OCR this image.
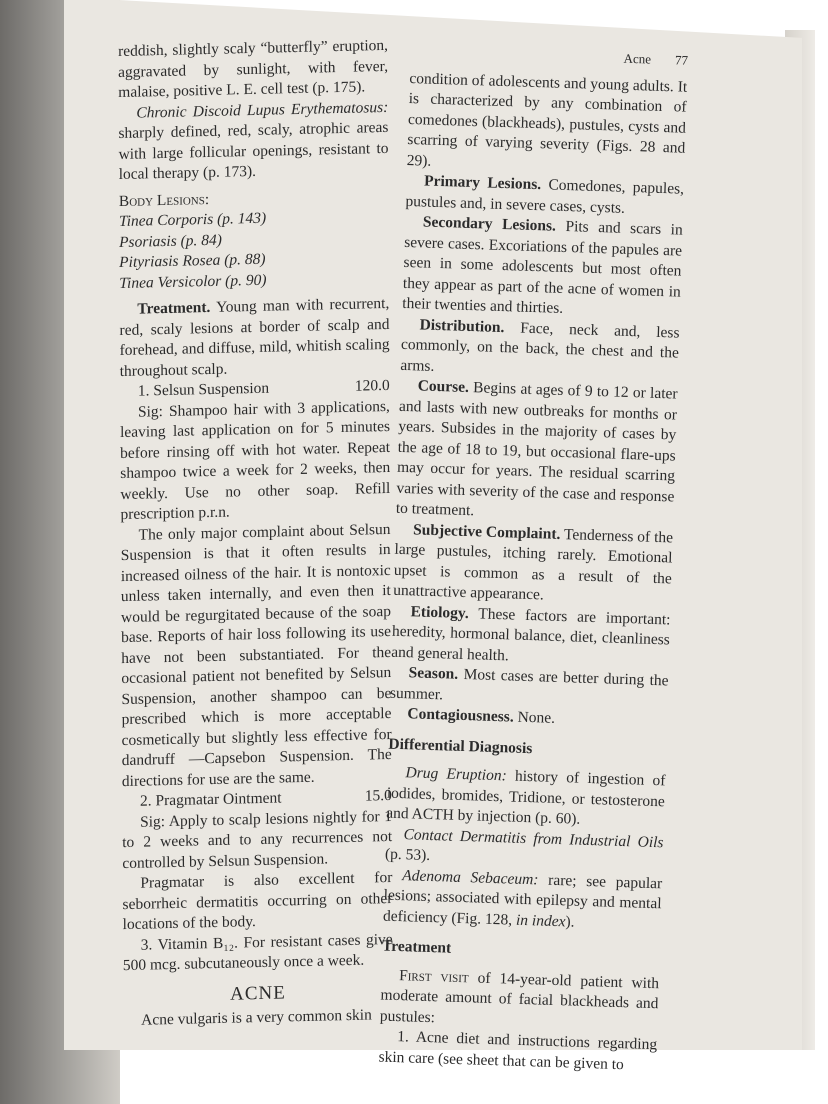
reddish, slightly scaly “butterfly” eruption, aggravated by sunlight, with fever, malaise, positive L. E. cell test (p. 175).

Chronic Discoid Lupus Erythematosus: sharply defined, red, scaly, atrophic areas with large follicular openings, resistant to local therapy (p. 173).

Body Lesions:

Tinea Corporis (p. 143)

Psoriasis (p. 84)

Pityriasis Rosea (p. 88)

Tinea Versicolor (p. 90)

Treatment. Young man with recurrent, red, scaly lesions at border of scalp and forehead, and diffuse, mild, whitish scaling throughout scalp.

1. Selsun Suspension	120.0

Sig: Shampoo hair with 3 applications, leaving last application on for 5 minutes before rinsing off with hot water. Repeat shampoo twice a week for 2 weeks, then weekly. Use no other soap. Refill prescription p.r.n.

The only major complaint about Selsun Suspension is that it often results in increased oilness of the hair. It is nontoxic unless taken internally, and even then it would be regurgitated because of the soap base. Reports of hair loss following its use have not been substantiated. For the occasional patient not benefited by Selsun Suspension, another shampoo can be prescribed which is more acceptable cosmetically but slightly less effective for dandruff —Capsebon Suspension. The directions for use are the same.

2. Pragmatar Ointment	15.0

Sig: Apply to scalp lesions nightly for 1 to 2 weeks and to any recurrences not controlled by Selsun Suspension.

Pragmatar is also excellent for seborrheic dermatitis occurring on other locations of the body.

3. Vitamin B₁₂. For resistant cases give 500 mcg. subcutaneously once a week.

ACNE

Acne vulgaris is a very common skin

Acne 77

condition of adolescents and young adults. It is characterized by any combination of comedones (blackheads), pustules, cysts and scarring of varying severity (Figs. 28 and 29).

Primary Lesions. Comedones, papules, pustules and, in severe cases, cysts.

Secondary Lesions. Pits and scars in severe cases. Excoriations of the papules are seen in some adolescents but most often they appear as part of the acne of women in their twenties and thirties.

Distribution. Face, neck and, less commonly, on the back, the chest and the arms.

Course. Begins at ages of 9 to 12 or later and lasts with new outbreaks for months or years. Subsides in the majority of cases by the age of 18 to 19, but occasional flare-ups may occur for years. The residual scarring varies with severity of the case and response to treatment.

Subjective Complaint. Tenderness of the large pustules, itching rarely. Emotional upset is common as a result of the unattractive appearance.

Etiology. These factors are important: heredity, hormonal balance, diet, cleanliness and general health.

Season. Most cases are better during the summer.

Contagiousness. None.

Differential Diagnosis

Drug Eruption: history of ingestion of iodides, bromides, Tridione, or testosterone and ACTH by injection (p. 60).

Contact Dermatitis from Industrial Oils (p. 53).

Adenoma Sebaceum: rare; see papular lesions; associated with epilepsy and mental deficiency (Fig. 128, in index).

Treatment

First visit of 14-year-old patient with moderate amount of facial blackheads and pustules:

1. Acne diet and instructions regarding skin care (see sheet that can be given to
